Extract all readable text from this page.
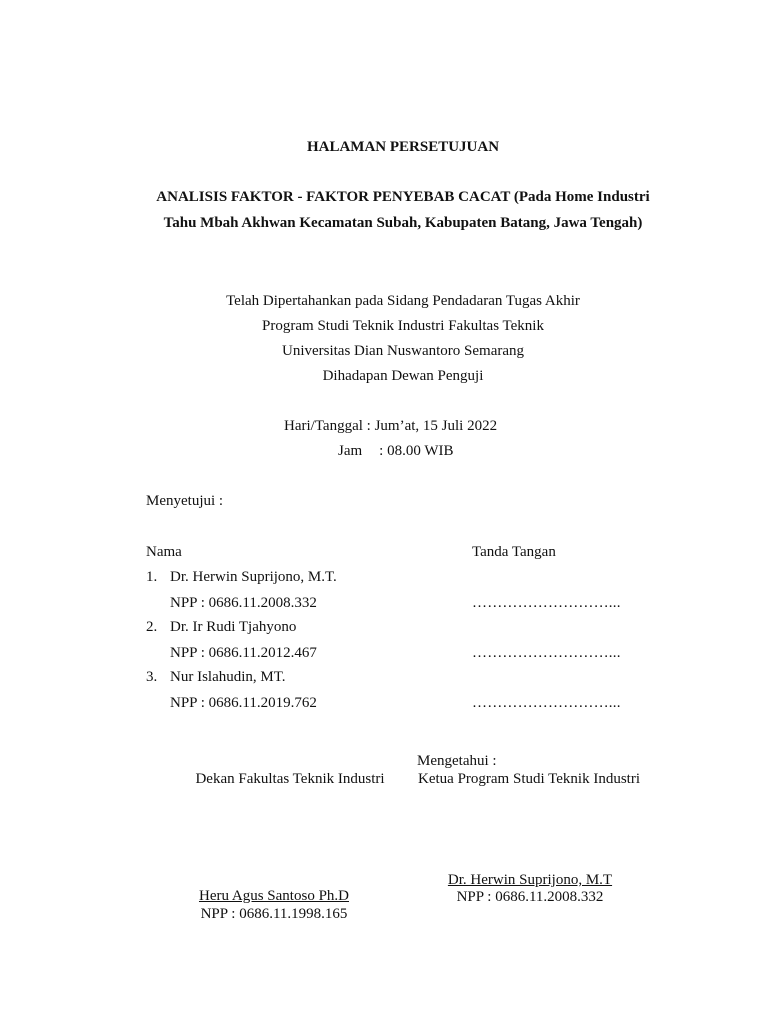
HALAMAN PERSETUJUAN
ANALISIS FAKTOR - FAKTOR PENYEBAB CACAT (Pada Home Industri Tahu Mbah Akhwan Kecamatan Subah, Kabupaten Batang, Jawa Tengah)
Telah Dipertahankan pada Sidang Pendadaran Tugas Akhir
Program Studi Teknik Industri Fakultas Teknik
Universitas Dian Nuswantoro Semarang
Dihadapan Dewan Penguji
Hari/Tanggal : Jum’at, 15 Juli 2022
Jam : 08.00 WIB
Menyetujui :
Nama	Tanda Tangan
1. Dr. Herwin Suprijono, M.T.
NPP : 0686.11.2008.332	………………………...
2. Dr. Ir Rudi Tjahyono
NPP : 0686.11.2012.467	………………………...
3. Nur Islahudin, MT.
NPP : 0686.11.2019.762	………………………...
Mengetahui :
Dekan Fakultas Teknik Industri	Ketua Program Studi Teknik Industri
Dr. Herwin Suprijono, M.T
NPP : 0686.11.2008.332
Heru Agus Santoso Ph.D
NPP : 0686.11.1998.165
